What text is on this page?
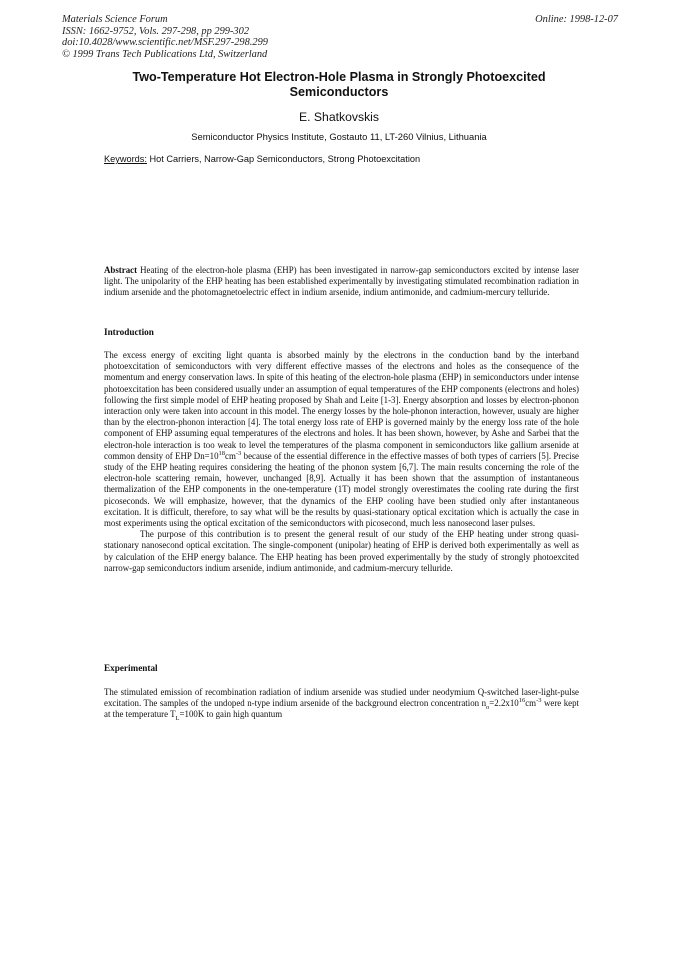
Materials Science Forum
ISSN: 1662-9752, Vols. 297-298, pp 299-302
doi:10.4028/www.scientific.net/MSF.297-298.299
© 1999 Trans Tech Publications Ltd, Switzerland
Online: 1998-12-07
Two-Temperature Hot Electron-Hole Plasma in Strongly Photoexcited Semiconductors
E. Shatkovskis
Semiconductor Physics Institute, Gostauto 11, LT-260 Vilnius, Lithuania
Keywords: Hot Carriers, Narrow-Gap Semiconductors, Strong Photoexcitation
Abstract Heating of the electron-hole plasma (EHP) has been investigated in narrow-gap semiconductors excited by intense laser light. The unipolarity of the EHP heating has been established experimentally by investigating stimulated recombination radiation in indium arsenide and the photomagnetoelectric effect in indium arsenide, indium antimonide, and cadmium-mercury telluride.
Introduction

The excess energy of exciting light quanta is absorbed mainly by the electrons in the conduction band by the interband photoexcitation of semiconductors with very different effective masses of the electrons and holes as the consequence of the momentum and energy conservation laws. In spite of this heating of the electron-hole plasma (EHP) in semiconductors under intense photoexcitation has been considered usually under an assumption of equal temperatures of the EHP components (electrons and holes) following the first simple model of EHP heating proposed by Shah and Leite [1-3]. Energy absorption and losses by electron-phonon interaction only were taken into account in this model. The energy losses by the hole-phonon interaction, however, usualy are higher than by the electron-phonon interaction [4]. The total energy loss rate of EHP is governed mainly by the energy loss rate of the hole component of EHP assuming equal temperatures of the electrons and holes. It has been shown, however, by Ashe and Sarbei that the electron-hole interaction is too weak to level the temperatures of the plasma component in semiconductors like gallium arsenide at common density of EHP $Dn=10^{18}cm^{-3}$ because of the essential difference in the effective masses of both types of carriers [5]. Precise study of the EHP heating requires considering the heating of the phonon system [6,7]. The main results concerning the role of the electron-hole scattering remain, however, unchanged [8,9]. Actually it has been shown that the assumption of instantaneous thermalization of the EHP components in the one-temperature (1T) model strongly overestimates the cooling rate during the first picoseconds. We will emphasize, however, that the dynamics of the EHP cooling have been studied only after instantaneous excitation. It is difficult, therefore, to say what will be the results by quasi-stationary optical excitation which is actually the case in most experiments using the optical excitation of the semiconductors with picosecond, much less nanosecond laser pulses.

The purpose of this contribution is to present the general result of our study of the EHP heating under strong quasi-stationary nanosecond optical excitation. The single-component (unipolar) heating of EHP is derived both experimentally as well as by calculation of the EHP energy balance. The EHP heating has been proved experimentally by the study of strongly photoexcited narrow-gap semiconductors indium arsenide, indium antimonide, and cadmium-mercury telluride.

Experimental
The stimulated emission of recombination radiation of indium arsenide was studied under neodymium Q-switched laser-light-pulse excitation. The samples of the undoped n-type indium arsenide of the background electron concentration $n_o=2.2x10^{16}cm^{-3}$ were kept at the temperature $T_L=100K$ to gain high quantum
